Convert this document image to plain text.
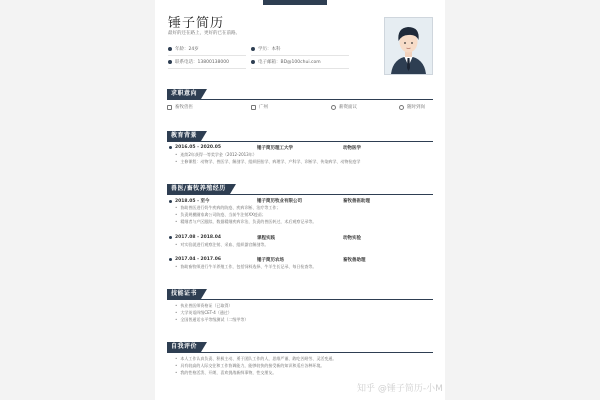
锤子简历
最好的还在路上，更好的已在前路。
年龄：24岁	学历：本科
联系电话：13800138000	电子邮箱：BD@100chui.com
求职意向
畜牧兽医	广州	薪资面议	随时到岗
教育背景
2016.05 - 2020.05	锤子简历理工大学	动物医学
• 连续2年获得一等奖学金（2012-2013年）
• 主修课程：动物学、兽医学、解剖学、组织胚胎学、病理学、产科学、诊断学、传染病学、动物检疫学
兽医/畜牧养殖经历
2018.05 - 至今	锤子简历牧业有限公司	畜牧兽医助理
• 协助兽医进行奶牛疾病的防疫、疾病诊断、治疗等工作；
• 负责规模圈家禽公司防疫、当前牛注射XX疫苗；
• 精细者与产区跟踪，数据精细疾病诊治，负责的兽医转过，术后观察记录等。
2017.08 - 2018.04	课程实践	动物实验
• 对实验就进行观察注射、采血、组织器官解剖等。
2017.04 - 2017.06	锤子简历农场	畜牧兽助理
• 协助畜牧师进行牛羊养殖工作，包括饲料选择、牛羊生长记录、每日检查等。
技能证书
• 执业兽医师资格证（已取得）
• 大学英语四级CET-4（通过）
• 全国普通话水平等级测试（二级甲等）
自我评价
• 本人工作认真负责、积极主动、勇于团队工作的人，思维严谨、敢吃苦耐劳、灵活变通。
• 具有较高的人际交往和工作协调能力，能够较快的接受新的知识和适应各种环境。
• 我的性格活泼、开朗，喜欢挑战新鲜事物，性交朋友。
知乎 @锤子简历-小M
